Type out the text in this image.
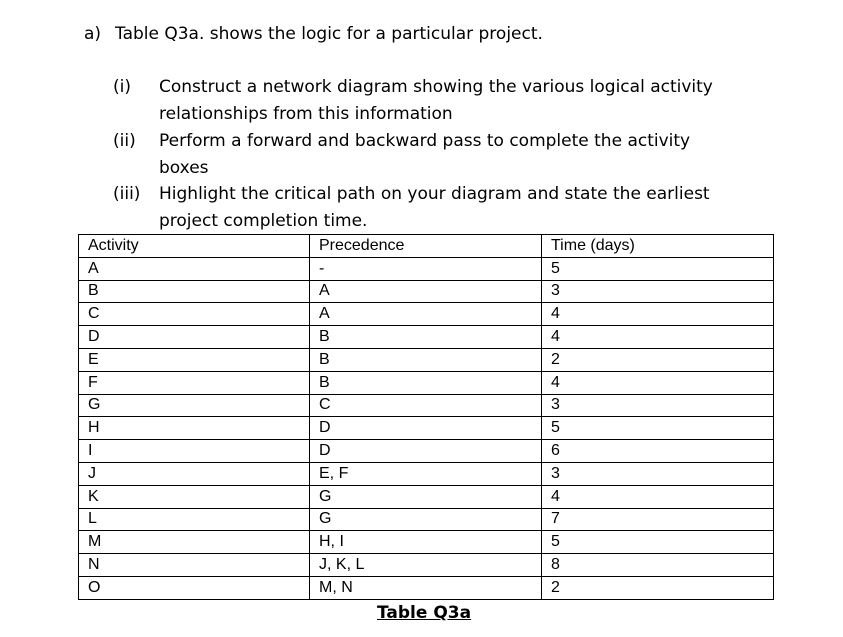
a) Table Q3a. shows the logic for a particular project.
(i) Construct a network diagram showing the various logical activity
relationships from this information
(ii) Perform a forward and backward pass to complete the activity
boxes
(iii) Highlight the critical path on your diagram and state the earliest
project completion time.
Activity	Precedence	Time (days)
A	-	5
B	A	3
C	A	4
D	B	4
E	B	2
F	B	4
G	C	3
H	D	5
I	D	6
J	E, F	3
K	G	4
L	G	7
M	H, I	5
N	J, K, L	8
O	M, N	2
Table Q3a
